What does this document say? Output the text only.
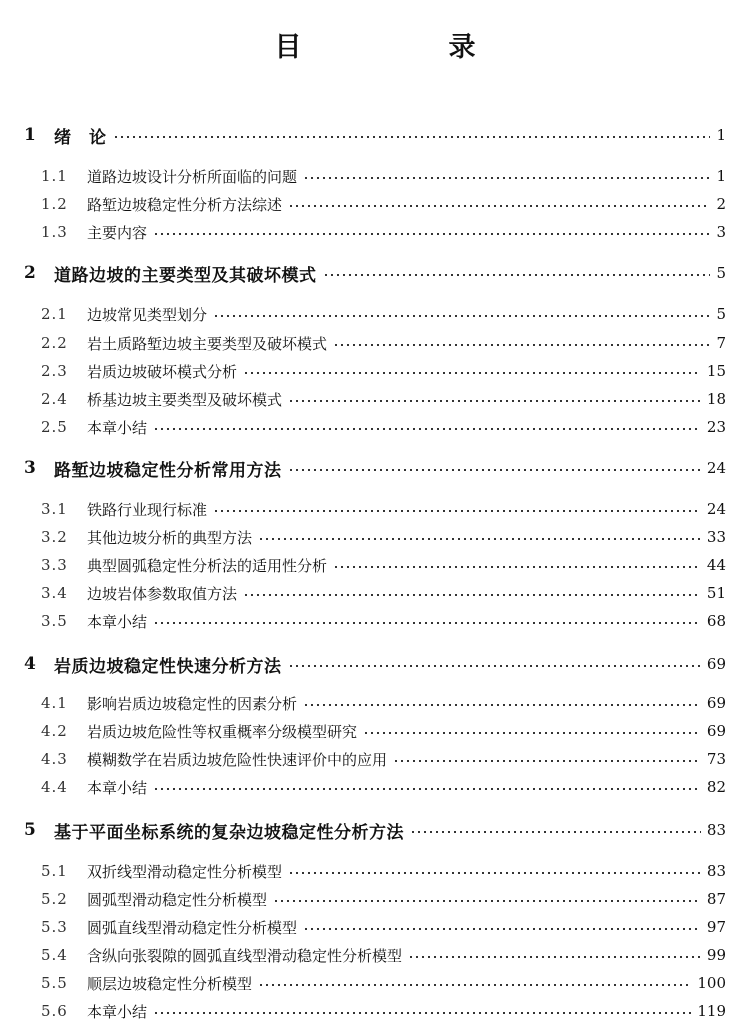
目　录
1	绪　论	1
1.1	道路边坡设计分析所面临的问题	1
1.2	路堑边坡稳定性分析方法综述	2
1.3	主要内容	3
2	道路边坡的主要类型及其破坏模式	5
2.1	边坡常见类型划分	5
2.2	岩土质路堑边坡主要类型及破坏模式	7
2.3	岩质边坡破坏模式分析	15
2.4	桥基边坡主要类型及破坏模式	18
2.5	本章小结	23
3	路堑边坡稳定性分析常用方法	24
3.1	铁路行业现行标准	24
3.2	其他边坡分析的典型方法	33
3.3	典型圆弧稳定性分析法的适用性分析	44
3.4	边坡岩体参数取值方法	51
3.5	本章小结	68
4	岩质边坡稳定性快速分析方法	69
4.1	影响岩质边坡稳定性的因素分析	69
4.2	岩质边坡危险性等权重概率分级模型研究	69
4.3	模糊数学在岩质边坡危险性快速评价中的应用	73
4.4	本章小结	82
5	基于平面坐标系统的复杂边坡稳定性分析方法	83
5.1	双折线型滑动稳定性分析模型	83
5.2	圆弧型滑动稳定性分析模型	87
5.3	圆弧直线型滑动稳定性分析模型	97
5.4	含纵向张裂隙的圆弧直线型滑动稳定性分析模型	99
5.5	顺层边坡稳定性分析模型	100
5.6	本章小结	119
